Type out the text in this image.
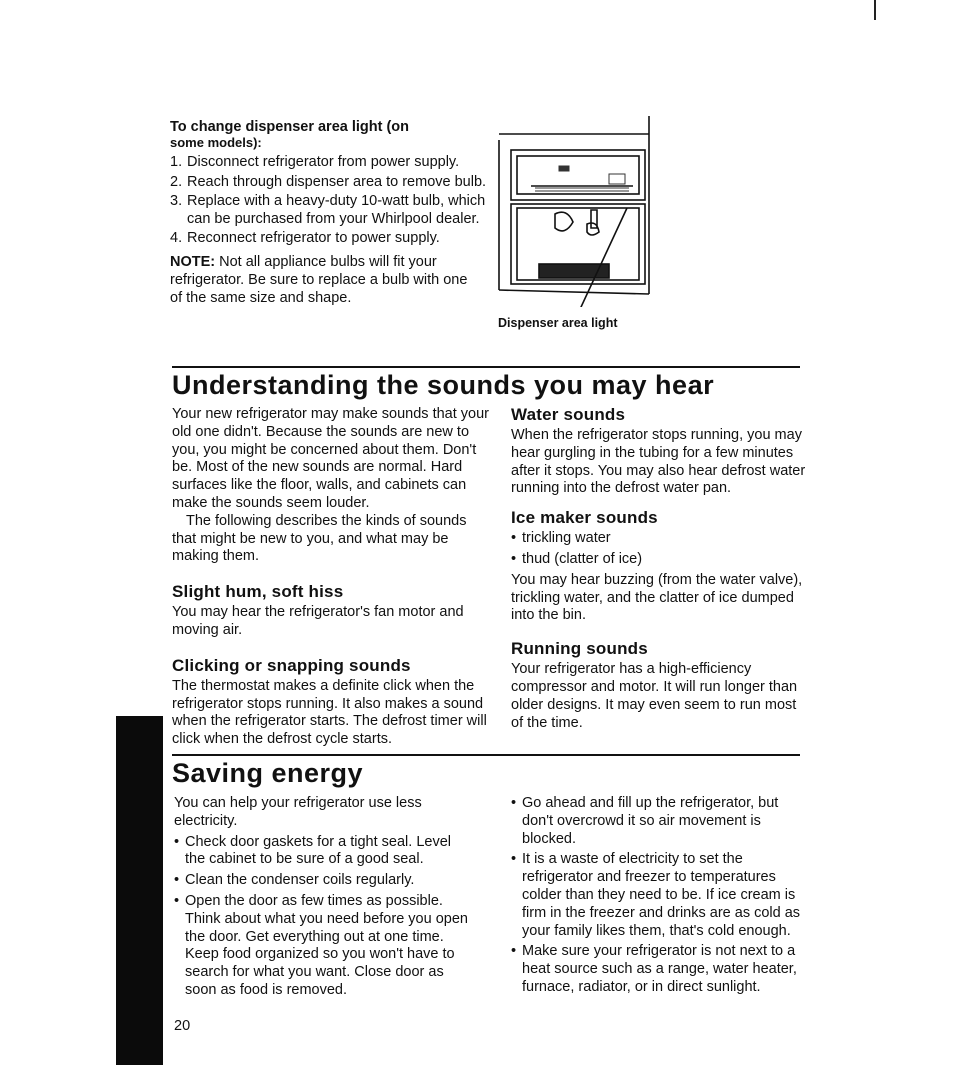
To change dispenser area light (on
some models):
1. Disconnect refrigerator from power supply.
2. Reach through dispenser area to remove bulb.
3. Replace with a heavy-duty 10-watt bulb, which can be purchased from your Whirlpool dealer.
4. Reconnect refrigerator to power supply.

NOTE: Not all appliance bulbs will fit your refrigerator. Be sure to replace a bulb with one of the same size and shape.

Dispenser area light
Understanding the sounds you may hear

Your new refrigerator may make sounds that your old one didn't. Because the sounds are new to you, you might be concerned about them. Don't be. Most of the new sounds are normal. Hard surfaces like the floor, walls, and cabinets can make the sounds seem louder.

The following describes the kinds of sounds that might be new to you, and what may be making them.

Slight hum, soft hiss

You may hear the refrigerator's fan motor and moving air.

Clicking or snapping sounds

The thermostat makes a definite click when the refrigerator stops running. It also makes a sound when the refrigerator starts. The defrost timer will click when the defrost cycle starts.

Water sounds

When the refrigerator stops running, you may hear gurgling in the tubing for a few minutes after it stops. You may also hear defrost water running into the defrost water pan.

Ice maker sounds
• trickling water
• thud (clatter of ice)

You may hear buzzing (from the water valve), trickling water, and the clatter of ice dumped into the bin.

Running sounds

Your refrigerator has a high-efficiency compressor and motor. It will run longer than older designs. It may even seem to run most of the time.

Saving energy

You can help your refrigerator use less electricity.

• Check door gaskets for a tight seal. Level the cabinet to be sure of a good seal.
• Clean the condenser coils regularly.
• Open the door as few times as possible. Think about what you need before you open the door. Get everything out at one time. Keep food organized so you won't have to search for what you want. Close door as soon as food is removed.
• Go ahead and fill up the refrigerator, but don't overcrowd it so air movement is blocked.
• It is a waste of electricity to set the refrigerator and freezer to temperatures colder than they need to be. If ice cream is firm in the freezer and drinks are as cold as your family likes them, that's cold enough.
• Make sure your refrigerator is not next to a heat source such as a range, water heater, furnace, radiator, or in direct sunlight.
20
